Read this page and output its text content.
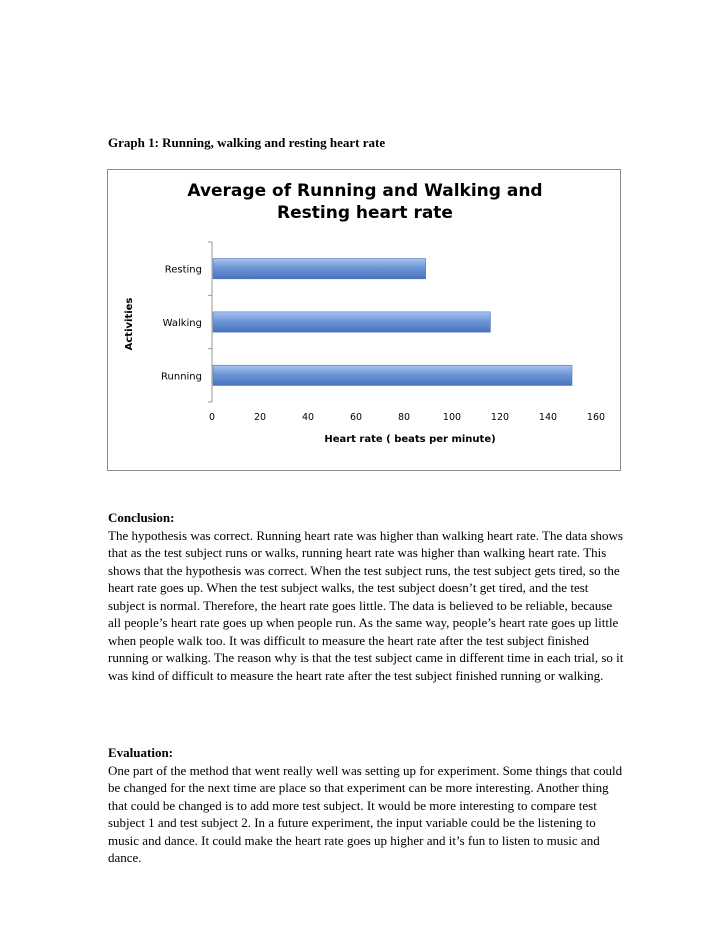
Graph 1: Running, walking and resting heart rate
Average of Running and Walking and
Resting heart rate
Resting
Walking
Running
0	20	40	60	80	100	120	140	160
Heart rate ( beats per minute)
Activities
Conclusion:

The hypothesis was correct. Running heart rate was higher than walking heart rate. The data shows that as the test subject runs or walks, running heart rate was higher than walking heart rate. This shows that the hypothesis was correct. When the test subject runs, the test subject gets tired, so the heart rate goes up. When the test subject walks, the test subject doesn’t get tired, and the test subject is normal. Therefore, the heart rate goes little. The data is believed to be reliable, because all people’s heart rate goes up when people run. As the same way, people’s heart rate goes up little when people walk too. It was difficult to measure the heart rate after the test subject finished running or walking. The reason why is that the test subject came in different time in each trial, so it was kind of difficult to measure the heart rate after the test subject finished running or walking.

Evaluation:

One part of the method that went really well was setting up for experiment. Some things that could be changed for the next time are place so that experiment can be more interesting. Another thing that could be changed is to add more test subject. It would be more interesting to compare test subject 1 and test subject 2. In a future experiment, the input variable could be the listening to music and dance. It could make the heart rate goes up higher and it’s fun to listen to music and dance.
